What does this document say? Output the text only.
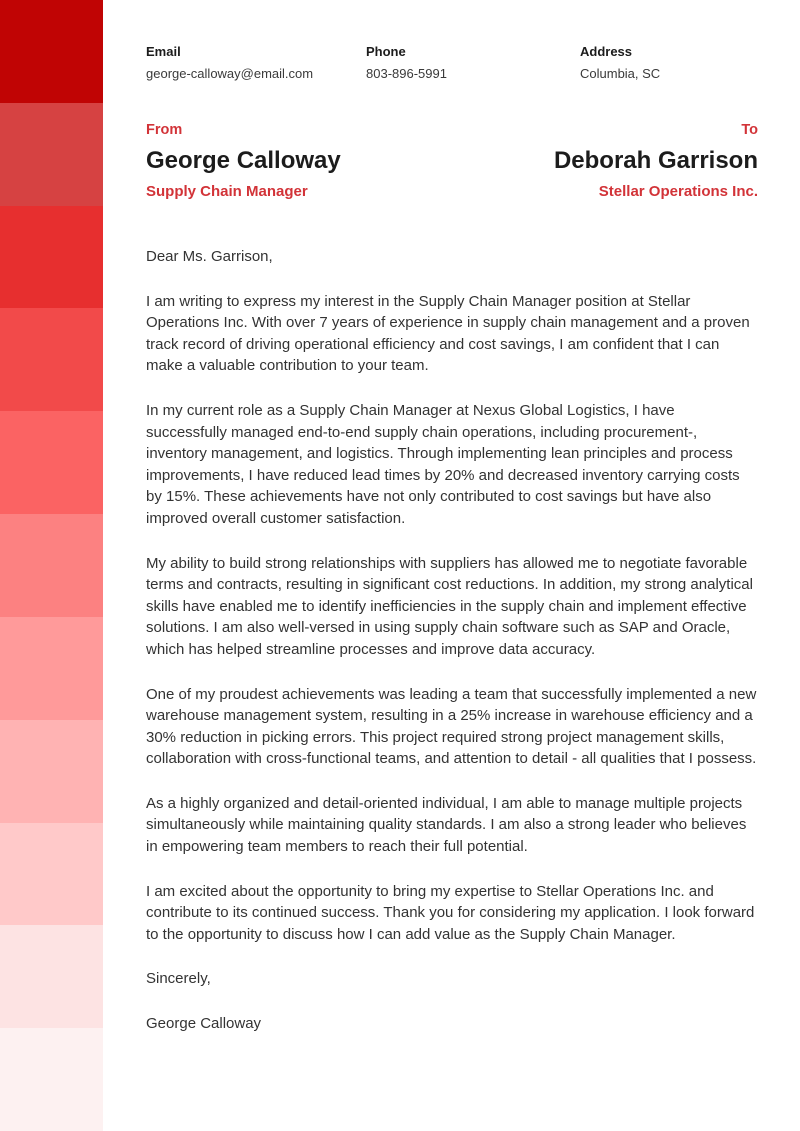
Email
george-calloway@email.com
Phone
803-896-5991
Address
Columbia, SC
From
George Calloway
Supply Chain Manager
To
Deborah Garrison
Stellar Operations Inc.

Dear Ms. Garrison,

I am writing to express my interest in the Supply Chain Manager position at Stellar Operations Inc. With over 7 years of experience in supply chain management and a proven track record of driving operational efficiency and cost savings, I am confident that I can make a valuable contribution to your team.

In my current role as a Supply Chain Manager at Nexus Global Logistics, I have successfully managed end-to-end supply chain operations, including procurement-, inventory management, and logistics. Through implementing lean principles and process improvements, I have reduced lead times by 20% and decreased inventory carrying costs by 15%. These achievements have not only contributed to cost savings but have also improved overall customer satisfaction.

My ability to build strong relationships with suppliers has allowed me to negotiate favorable terms and contracts, resulting in significant cost reductions. In addition, my strong analytical skills have enabled me to identify inefficiencies in the supply chain and implement effective solutions. I am also well-versed in using supply chain software such as SAP and Oracle, which has helped streamline processes and improve data accuracy.

One of my proudest achievements was leading a team that successfully implemented a new warehouse management system, resulting in a 25% increase in warehouse efficiency and a 30% reduction in picking errors. This project required strong project management skills, collaboration with cross-functional teams, and attention to detail - all qualities that I possess.

As a highly organized and detail-oriented individual, I am able to manage multiple projects simultaneously while maintaining quality standards. I am also a strong leader who believes in empowering team members to reach their full potential.

I am excited about the opportunity to bring my expertise to Stellar Operations Inc. and contribute to its continued success. Thank you for considering my application. I look forward to the opportunity to discuss how I can add value as the Supply Chain Manager.

Sincerely,

George Calloway
